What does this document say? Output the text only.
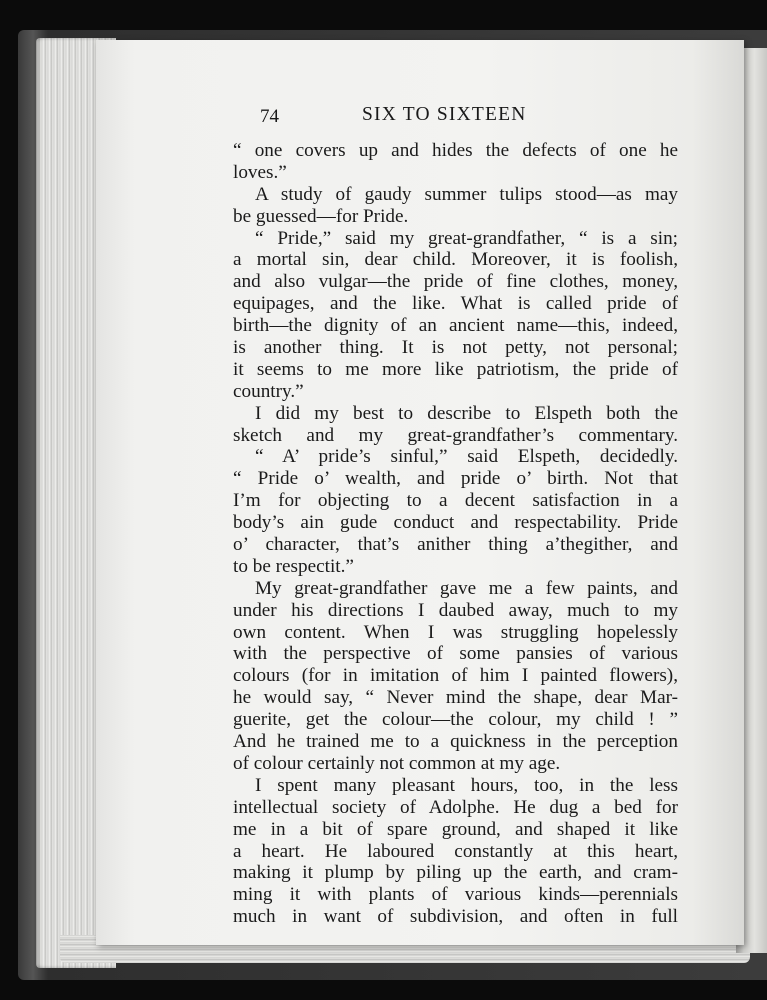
74	SIX TO SIXTEEN
“ one covers up and hides the defects of one he
loves.”
A study of gaudy summer tulips stood—as may
be guessed—for Pride.
“ Pride,” said my great-grandfather, “ is a sin;
a mortal sin, dear child. Moreover, it is foolish,
and also vulgar—the pride of fine clothes, money,
equipages, and the like. What is called pride of
birth—the dignity of an ancient name—this, indeed,
is another thing. It is not petty, not personal;
it seems to me more like patriotism, the pride of
country.”
I did my best to describe to Elspeth both the
sketch and my great-grandfather’s commentary.
“ A’ pride’s sinful,” said Elspeth, decidedly.
“ Pride o’ wealth, and pride o’ birth. Not that
I’m for objecting to a decent satisfaction in a
body’s ain gude conduct and respectability. Pride
o’ character, that’s anither thing a’thegither, and
to be respectit.”
My great-grandfather gave me a few paints, and
under his directions I daubed away, much to my
own content. When I was struggling hopelessly
with the perspective of some pansies of various
colours (for in imitation of him I painted flowers),
he would say, “ Never mind the shape, dear Mar-
guerite, get the colour—the colour, my child ! ”
And he trained me to a quickness in the perception
of colour certainly not common at my age.
I spent many pleasant hours, too, in the less
intellectual society of Adolphe. He dug a bed for
me in a bit of spare ground, and shaped it like
a heart. He laboured constantly at this heart,
making it plump by piling up the earth, and cram-
ming it with plants of various kinds—perennials
much in want of subdivision, and often in full
